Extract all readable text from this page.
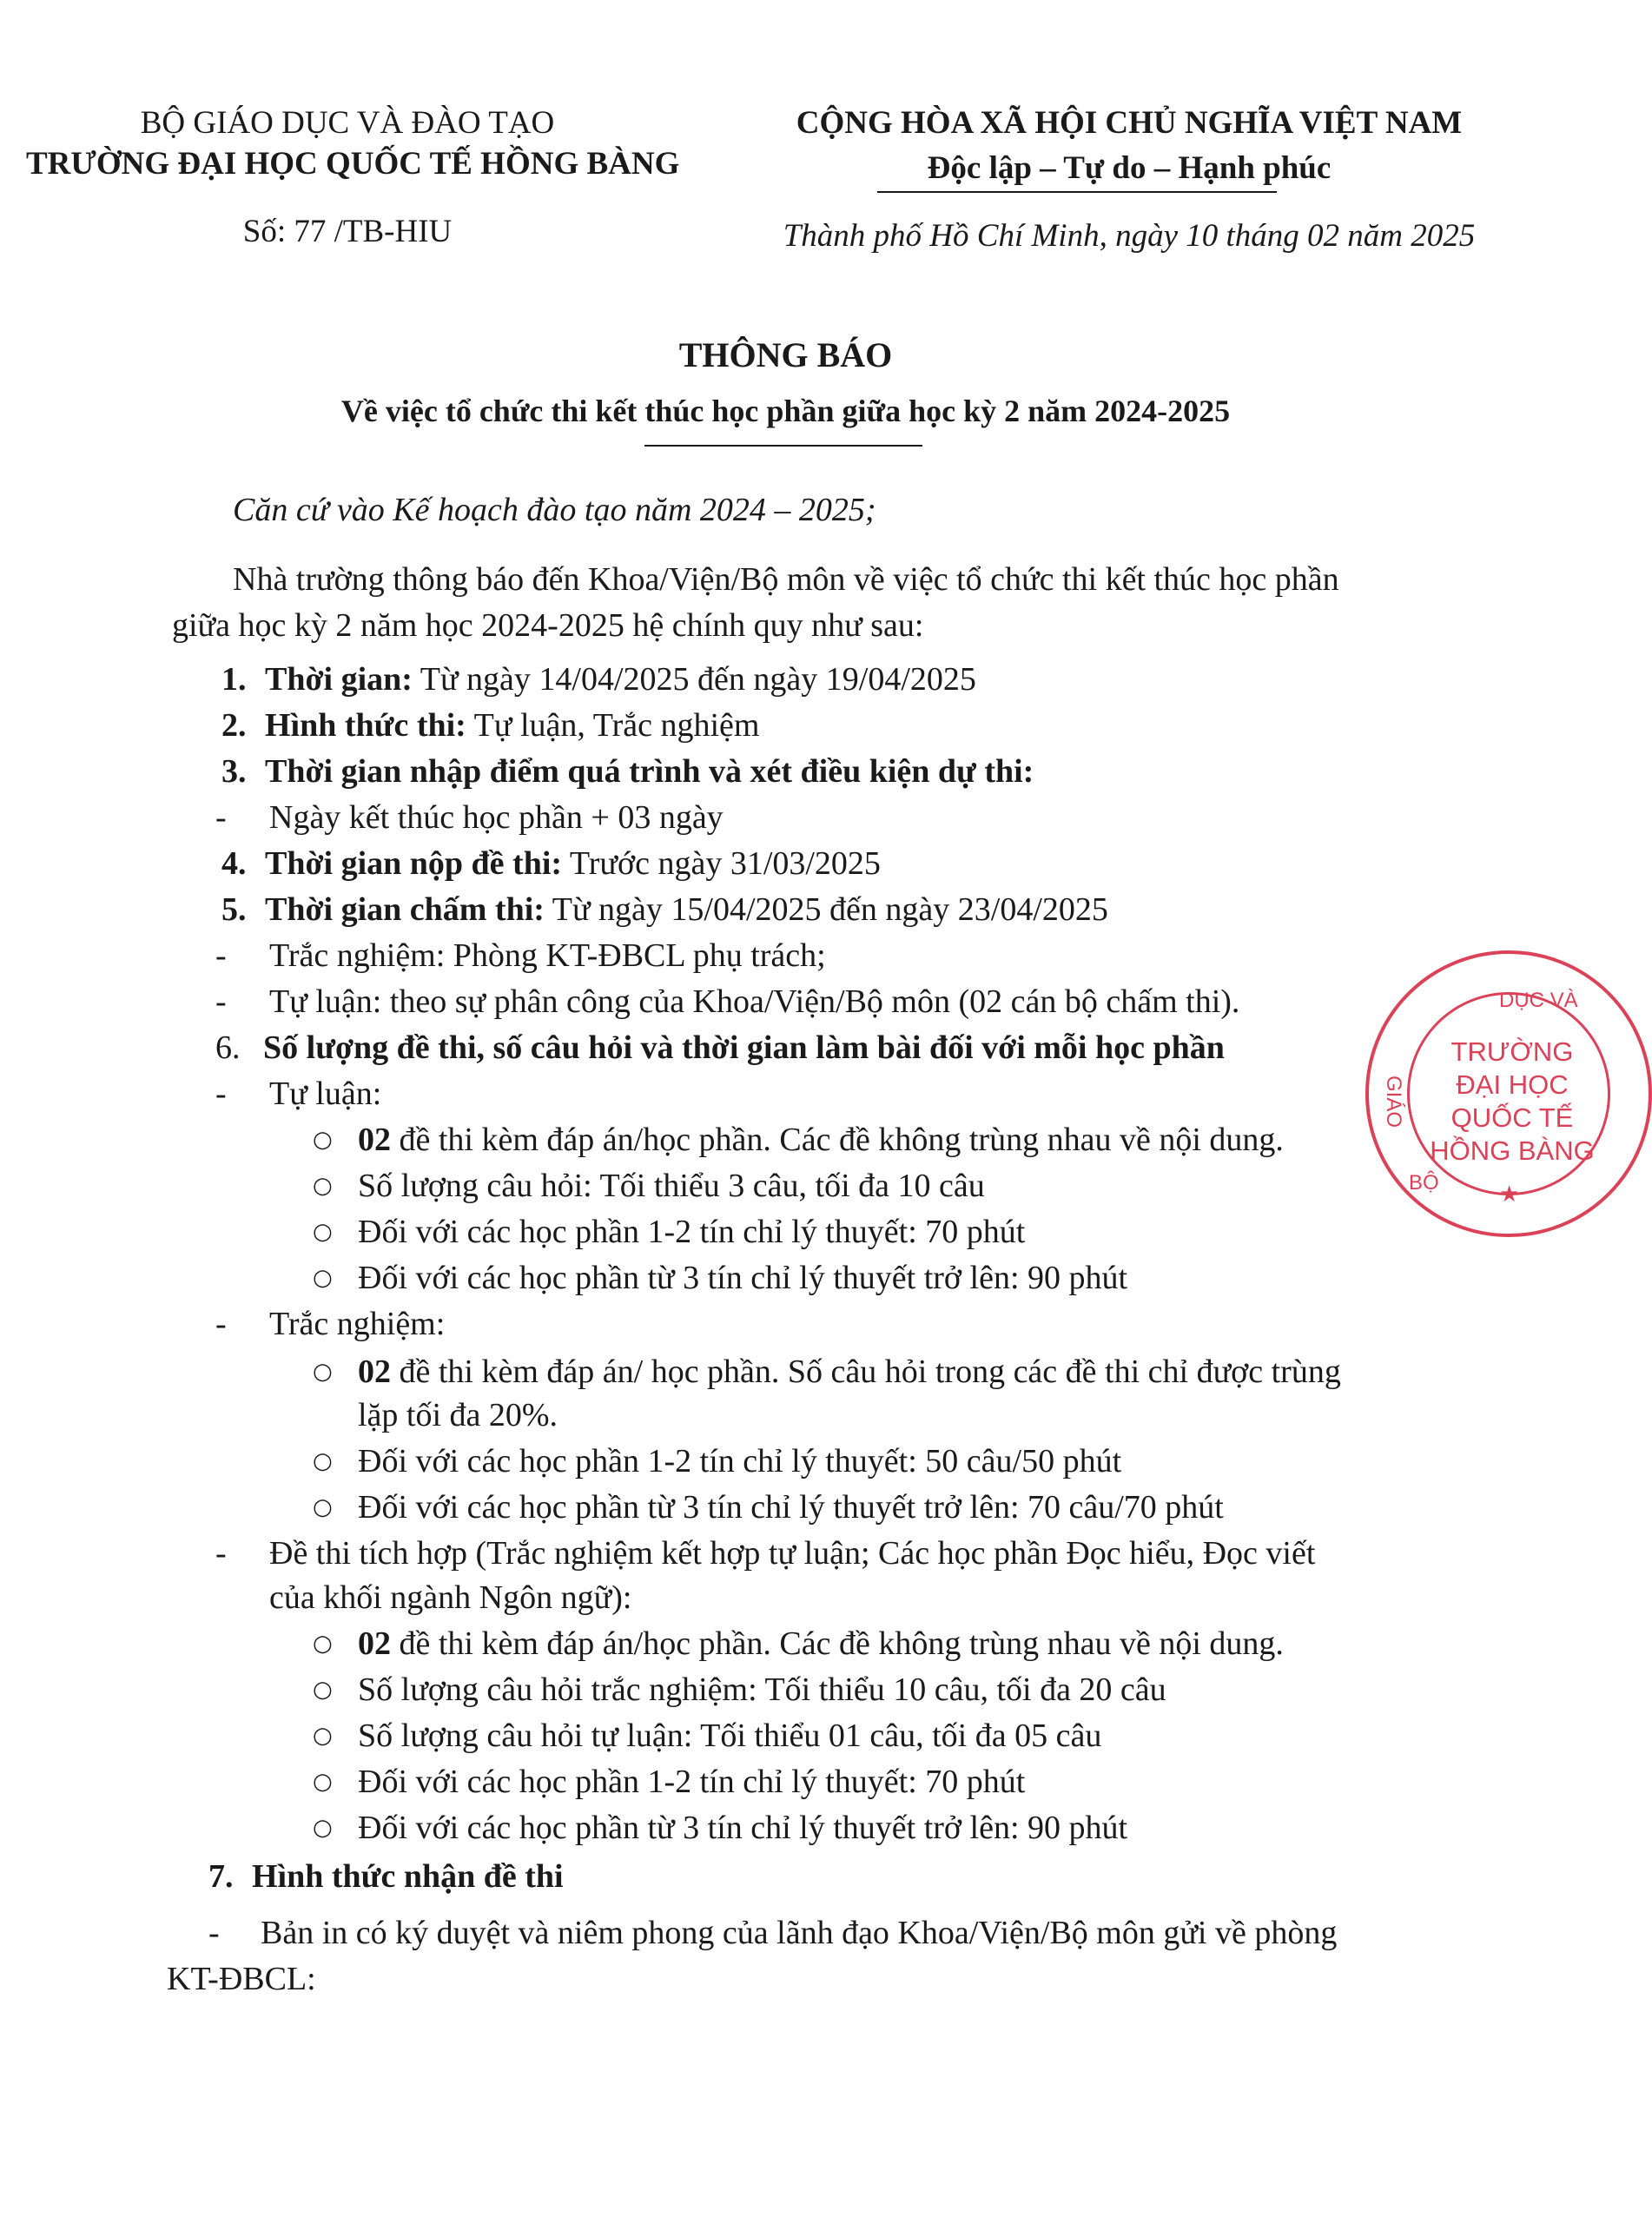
BỘ GIÁO DỤC VÀ ĐÀO TẠO
TRƯỜNG ĐẠI HỌC QUỐC TẾ HỒNG BÀNG
Số: 77 /TB-HIU
CỘNG HÒA XÃ HỘI CHỦ NGHĨA VIỆT NAM
Độc lập – Tự do – Hạnh phúc
Thành phố Hồ Chí Minh, ngày 10 tháng 02 năm 2025
THÔNG BÁO
Về việc tổ chức thi kết thúc học phần giữa học kỳ 2 năm 2024-2025
Căn cứ vào Kế hoạch đào tạo năm 2024 – 2025;
Nhà trường thông báo đến Khoa/Viện/Bộ môn về việc tổ chức thi kết thúc học phần
giữa học kỳ 2 năm học 2024-2025 hệ chính quy như sau:
1. Thời gian: Từ ngày 14/04/2025 đến ngày 19/04/2025
2. Hình thức thi: Tự luận, Trắc nghiệm
3. Thời gian nhập điểm quá trình và xét điều kiện dự thi:
- Ngày kết thúc học phần + 03 ngày
4. Thời gian nộp đề thi: Trước ngày 31/03/2025
5. Thời gian chấm thi: Từ ngày 15/04/2025 đến ngày 23/04/2025
- Trắc nghiệm: Phòng KT-ĐBCL phụ trách;
- Tự luận: theo sự phân công của Khoa/Viện/Bộ môn (02 cán bộ chấm thi).
6. Số lượng đề thi, số câu hỏi và thời gian làm bài đối với mỗi học phần
- Tự luận:
○ 02 đề thi kèm đáp án/học phần. Các đề không trùng nhau về nội dung.
○ Số lượng câu hỏi: Tối thiểu 3 câu, tối đa 10 câu
○ Đối với các học phần 1-2 tín chỉ lý thuyết: 70 phút
○ Đối với các học phần từ 3 tín chỉ lý thuyết trở lên: 90 phút
- Trắc nghiệm:
○ 02 đề thi kèm đáp án/ học phần. Số câu hỏi trong các đề thi chỉ được trùng
lặp tối đa 20%.
○ Đối với các học phần 1-2 tín chỉ lý thuyết: 50 câu/50 phút
○ Đối với các học phần từ 3 tín chỉ lý thuyết trở lên: 70 câu/70 phút
- Đề thi tích hợp (Trắc nghiệm kết hợp tự luận; Các học phần Đọc hiểu, Đọc viết
của khối ngành Ngôn ngữ):
○ 02 đề thi kèm đáp án/học phần. Các đề không trùng nhau về nội dung.
○ Số lượng câu hỏi trắc nghiệm: Tối thiểu 10 câu, tối đa 20 câu
○ Số lượng câu hỏi tự luận: Tối thiểu 01 câu, tối đa 05 câu
○ Đối với các học phần 1-2 tín chỉ lý thuyết: 70 phút
○ Đối với các học phần từ 3 tín chỉ lý thuyết trở lên: 90 phút
7. Hình thức nhận đề thi
- Bản in có ký duyệt và niêm phong của lãnh đạo Khoa/Viện/Bộ môn gửi về phòng
KT-ĐBCL:
DỤC VÀ
GIÁO
BỘ
TRƯỜNG
ĐẠI HỌC
QUỐC TẾ
HỒNG BÀNG
★
